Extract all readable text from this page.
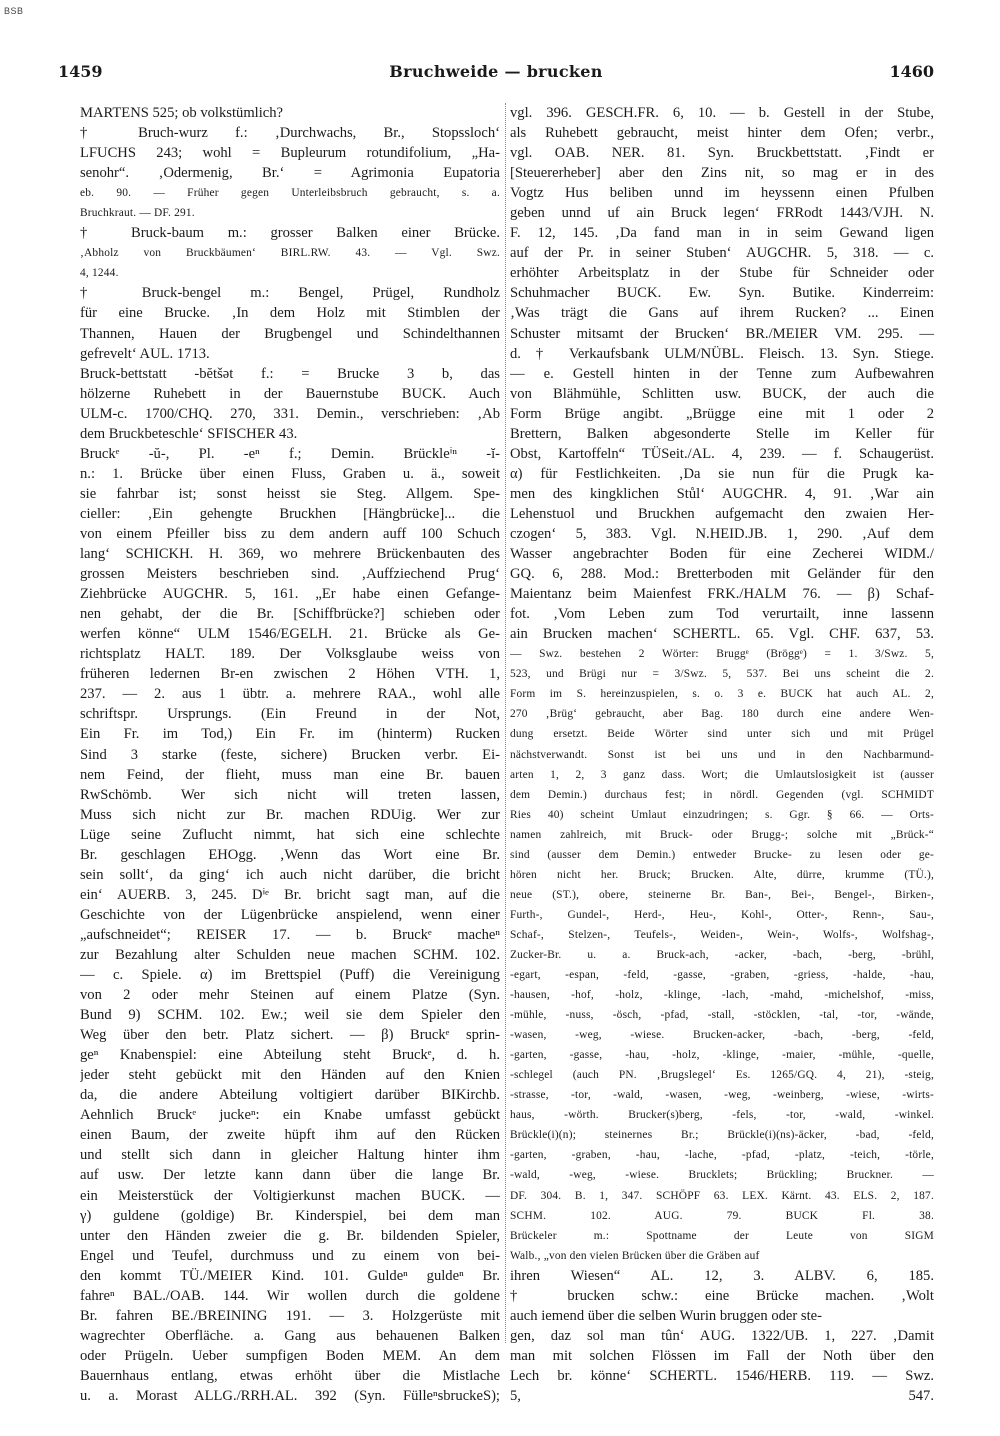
BSB
1459	Bruchweide — brucken	1460

MARTENS 525; ob volkstümlich?

† Bruch-wurz f.: ‚Durchwachs, Br., Stopssloch‘

LFUCHS 243; wohl = Bupleurum rotundifolium, „Ha-

senohr“. ‚Odermenig, Br.‘ = Agrimonia Eupatoria

eb. 90. — Früher gegen Unterleibsbruch gebraucht, s. a.

Bruchkraut. — DF. 291.

† Bruck-baum m.: grosser Balken einer Brücke.

‚Abholz von Bruckbäumen‘ BIRL.RW. 43. — Vgl. Swz.

4, 1244.

† Bruck-bengel m.: Bengel, Prügel, Rundholz

für eine Brucke. ‚In dem Holz mit Stimblen der

Thannen, Hauen der Brugbengel und Schindelthannen

gefrevelt‘ AUL. 1713.

Bruck-bettstatt -bĕtšət f.: = Brucke 3 b, das

hölzerne Ruhebett in der Bauernstube BUCK. Auch

ULM-c. 1700/CHQ. 270, 331. Demin., verschrieben: ‚Ab

dem Bruckbeteschle‘ SFISCHER 43.

Bruckᵉ -ŭ-, Pl. -eⁿ f.; Demin. Brückleⁱⁿ -ĭ-

n.: 1. Brücke über einen Fluss, Graben u. ä., soweit

sie fahrbar ist; sonst heisst sie Steg. Allgem. Spe-

cieller: ‚Ein gehengte Bruckhen [Hängbrücke]... die

von einem Pfeiller biss zu dem andern auff 100 Schuch

lang‘ SCHICKH. H. 369, wo mehrere Brückenbauten des

grossen Meisters beschrieben sind. ‚Auffziechend Prug‘

Ziehbrücke AUGCHR. 5, 161. „Er habe einen Gefange-

nen gehabt, der die Br. [Schiffbrücke?] schieben oder

werfen könne“ ULM 1546/EGELH. 21. Brücke als Ge-

richtsplatz HALT. 189. Der Volksglaube weiss von

früheren ledernen Br-en zwischen 2 Höhen VTH. 1,

237. — 2. aus 1 übtr. a. mehrere RAA., wohl alle

schriftspr. Ursprungs. (Ein Freund in der Not,

Ein Fr. im Tod,) Ein Fr. im (hinterm) Rucken

Sind 3 starke (feste, sichere) Brucken verbr. Ei-

nem Feind, der flieht, muss man eine Br. bauen

RwSchömb. Wer sich nicht will treten lassen,

Muss sich nicht zur Br. machen RDUig. Wer zur

Lüge seine Zuflucht nimmt, hat sich eine schlechte

Br. geschlagen EHOgg. ‚Wenn das Wort eine Br.

sein sollt‘, da ging‘ ich auch nicht darüber, die bricht

ein‘ AUERB. 3, 245. Dⁱᵉ Br. bricht sagt man, auf die

Geschichte von der Lügenbrücke anspielend, wenn einer

„aufschneidet“; REISER 17. — b. Bruckᵉ macheⁿ

zur Bezahlung alter Schulden neue machen SCHM. 102.

— c. Spiele. α) im Brettspiel (Puff) die Vereinigung

von 2 oder mehr Steinen auf einem Platze (Syn.

Bund 9) SCHM. 102. Ew.; weil sie dem Spieler den

Weg über den betr. Platz sichert. — β) Bruckᵉ sprin-

geⁿ Knabenspiel: eine Abteilung steht Bruckᵉ, d. h.

jeder steht gebückt mit den Händen auf den Knien

da, die andere Abteilung voltigiert darüber BIKirchb.

Aehnlich Bruckᵉ juckeⁿ: ein Knabe umfasst gebückt

einen Baum, der zweite hüpft ihm auf den Rücken

und stellt sich dann in gleicher Haltung hinter ihm

auf usw. Der letzte kann dann über die lange Br.

ein Meisterstück der Voltigierkunst machen BUCK. —

γ) guldene (goldige) Br. Kinderspiel, bei dem man

unter den Händen zweier die g. Br. bildenden Spieler,

Engel und Teufel, durchmuss und zu einem von bei-

den kommt TÜ./MEIER Kind. 101. Guldeⁿ guldeⁿ Br.

fahreⁿ BAL./OAB. 144. Wir wollen durch die goldene

Br. fahren BE./BREINING 191. — 3. Holzgerüste mit

wagrechter Oberfläche. a. Gang aus behauenen Balken

oder Prügeln. Ueber sumpfigen Boden MEM. An dem

Bauernhaus entlang, etwas erhöht über die Mistlache

u. a. Morast ALLG./RRH.AL. 392 (Syn. FülleⁿsbruckeS);

vgl. 396. GESCH.FR. 6, 10. — b. Gestell in der Stube,

als Ruhebett gebraucht, meist hinter dem Ofen; verbr.,

vgl. OAB. NER. 81. Syn. Bruckbettstatt. ‚Findt er

[Steuererheber] aber den Zins nit, so mag er in des

Vogtz Hus beliben unnd im heyssenn einen Pfulben

geben unnd uf ain Bruck legen‘ FRRodt 1443/VJH. N.

F. 12, 145. ‚Da fand man in in seim Gewand ligen

auf der Pr. in seiner Stuben‘ AUGCHR. 5, 318. — c.

erhöhter Arbeitsplatz in der Stube für Schneider oder

Schuhmacher BUCK. Ew. Syn. Butike. Kinderreim:

‚Was trägt die Gans auf ihrem Rucken? ... Einen

Schuster mitsamt der Brucken‘ BR./MEIER VM. 295. —

d. † Verkaufsbank ULM/NÜBL. Fleisch. 13. Syn. Stiege.

— e. Gestell hinten in der Tenne zum Aufbewahren

von Blähmühle, Schlitten usw. BUCK, der auch die

Form Brüge angibt. „Brügge eine mit 1 oder 2

Brettern, Balken abgesonderte Stelle im Keller für

Obst, Kartoffeln“ TÜSeit./AL. 4, 239. — f. Schaugerüst.

α) für Festlichkeiten. ‚Da sie nun für die Prugk ka-

men des kingklichen Stůl‘ AUGCHR. 4, 91. ‚War ain

Lehenstuol und Bruckhen aufgemacht den zwaien Her-

czogen‘ 5, 383. Vgl. N.HEID.JB. 1, 290. ‚Auf dem

Wasser angebrachter Boden für eine Zecherei WIDM./

GQ. 6, 288. Mod.: Bretterboden mit Geländer für den

Maientanz beim Maienfest FRK./HALM 76. — β) Schaf-

fot. ‚Vom Leben zum Tod verurtailt, inne lassenn

ain Brucken machen‘ SCHERTL. 65. Vgl. CHF. 637, 53.

— Swz. bestehen 2 Wörter: Bruggᵉ (Bröggᵉ) = 1. 3/Swz. 5,

523, und Brügi nur = 3/Swz. 5, 537. Bei uns scheint die 2.

Form im S. hereinzuspielen, s. o. 3 e. BUCK hat auch AL. 2,

270 ‚Brüg‘ gebraucht, aber Bag. 180 durch eine andere Wen-

dung ersetzt. Beide Wörter sind unter sich und mit Prügel

nächstverwandt. Sonst ist bei uns und in den Nachbarmund-

arten 1, 2, 3 ganz dass. Wort; die Umlautslosigkeit ist (ausser

dem Demin.) durchaus fest; in nördl. Gegenden (vgl. SCHMIDT

Ries 40) scheint Umlaut einzudringen; s. Ggr. § 66. — Orts-

namen zahlreich, mit Bruck- oder Brugg-; solche mit „Brück-“

sind (ausser dem Demin.) entweder Brucke- zu lesen oder ge-

hören nicht her. Bruck; Brucken. Alte, dürre, krumme (TÜ.),

neue (ST.), obere, steinerne Br. Ban-, Bei-, Bengel-, Birken-,

Furth-, Gundel-, Herd-, Heu-, Kohl-, Otter-, Renn-, Sau-,

Schaf-, Stelzen-, Teufels-, Weiden-, Wein-, Wolfs-, Wolfshag-,

Zucker-Br. u. a. Bruck-ach, -acker, -bach, -berg, -brühl,

-egart, -espan, -feld, -gasse, -graben, -griess, -halde, -hau,

-hausen, -hof, -holz, -klinge, -lach, -mahd, -michelshof, -miss,

-mühle, -nuss, -ösch, -pfad, -stall, -stöcklen, -tal, -tor, -wände,

-wasen, -weg, -wiese. Brucken-acker, -bach, -berg, -feld,

-garten, -gasse, -hau, -holz, -klinge, -maier, -mühle, -quelle,

-schlegel (auch PN. ‚Brugslegel‘ Es. 1265/GQ. 4, 21), -steig,

-strasse, -tor, -wald, -wasen, -weg, -weinberg, -wiese, -wirts-

haus, -wörth. Brucker(s)berg, -fels, -tor, -wald, -winkel.

Brückle(i)(n); steinernes Br.; Brückle(i)(ns)-äcker, -bad, -feld,

-garten, -graben, -hau, -lache, -pfad, -platz, -teich, -törle,

-wald, -weg, -wiese. Brucklets; Brückling; Bruckner. —

DF. 304. B. 1, 347. SCHÖPF 63. LEX. Kärnt. 43. ELS. 2, 187.

SCHM. 102. AUG. 79. BUCK Fl. 38.

Brückeler m.: Spottname der Leute von SIGM

Walb., „von den vielen Brücken über die Gräben auf

ihren Wiesen“ AL. 12, 3. ALBV. 6, 185.

† brucken schw.: eine Brücke machen. ‚Wolt

auch iemend über die selben Wurin bruggen oder ste-

gen, daz sol man tûn‘ AUG. 1322/UB. 1, 227. ‚Damit

man mit solchen Flössen im Fall der Noth über den

Lech br. könne‘ SCHERTL. 1546/HERB. 119. — Swz.

5, 547.
